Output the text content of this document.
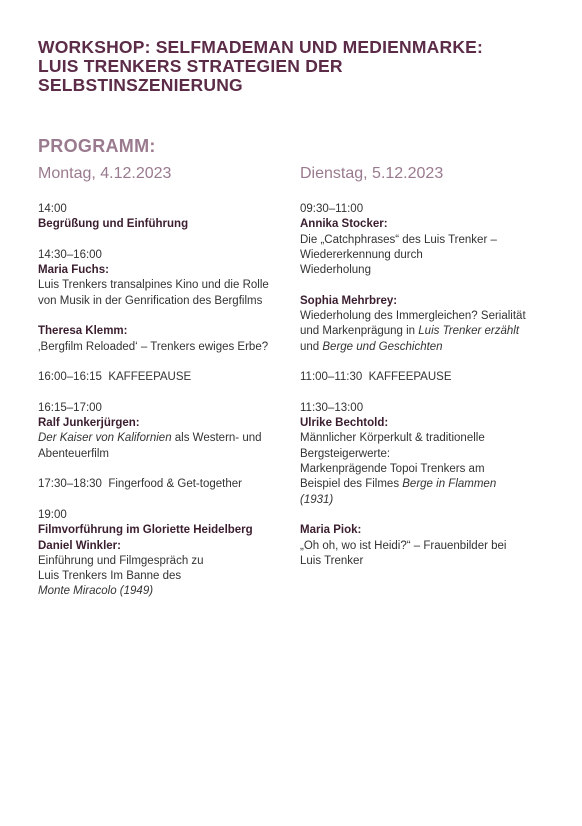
WORKSHOP: SELFMADEMAN UND MEDIENMARKE:
LUIS TRENKERS STRATEGIEN DER
SELBSTINSZENIERUNG
PROGRAMM:
Montag, 4.12.2023
14:00
Begrüßung und Einführung
14:30–16:00
Maria Fuchs:
Luis Trenkers transalpines Kino und die Rolle
von Musik in der Genrification des Bergfilms
Theresa Klemm:
‚Bergfilm Reloaded‘ – Trenkers ewiges Erbe?
16:00–16:15  KAFFEEPAUSE
16:15–17:00
Ralf Junkerjürgen:
Der Kaiser von Kalifornien als Western- und
Abenteuerfilm
17:30–18:30  Fingerfood & Get-together
19:00
Filmvorführung im Gloriette Heidelberg
Daniel Winkler:
Einführung und Filmgespräch zu
Luis Trenkers Im Banne des
Monte Miracolo (1949)
Dienstag, 5.12.2023
09:30–11:00
Annika Stocker:
Die „Catchphrases“ des Luis Trenker –
Wiedererkennung durch
Wiederholung
Sophia Mehrbrey:
Wiederholung des Immergleichen? Serialität
und Markenprägung in Luis Trenker erzählt
und Berge und Geschichten
11:00–11:30  KAFFEEPAUSE
11:30–13:00
Ulrike Bechtold:
Männlicher Körperkult & traditionelle
Bergsteigerwerte:
Markenprägende Topoi Trenkers am
Beispiel des Filmes Berge in Flammen
(1931)
Maria Piok:
„Oh oh, wo ist Heidi?“ – Frauenbilder bei
Luis Trenker
